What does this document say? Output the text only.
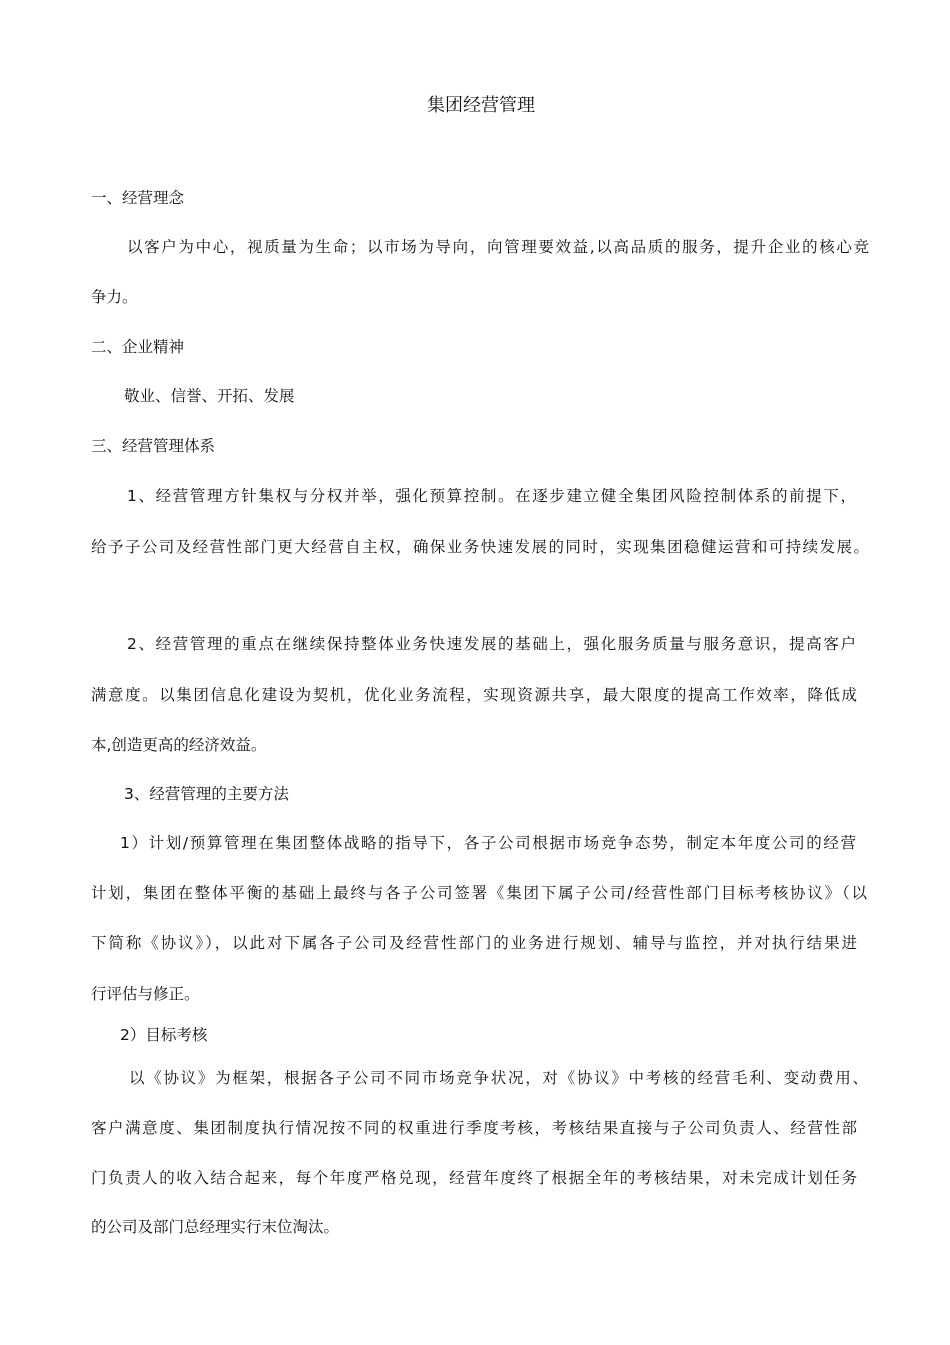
集团经营管理
一、经营理念
以客户为中心，视质量为生命；以市场为导向，向管理要效益,以高品质的服务，提升企业的核心竞
争力。
二、企业精神
敬业、信誉、开拓、发展
三、经营管理体系
1、经营管理方针集权与分权并举，强化预算控制。在逐步建立健全集团风险控制体系的前提下，
给予子公司及经营性部门更大经营自主权，确保业务快速发展的同时，实现集团稳健运营和可持续发展。
2、经营管理的重点在继续保持整体业务快速发展的基础上，强化服务质量与服务意识，提高客户
满意度。以集团信息化建设为契机，优化业务流程，实现资源共享，最大限度的提高工作效率，降低成
本,创造更高的经济效益。
3、经营管理的主要方法
1）计划/预算管理在集团整体战略的指导下，各子公司根据市场竞争态势，制定本年度公司的经营
计划，集团在整体平衡的基础上最终与各子公司签署《集团下属子公司/经营性部门目标考核协议》（以
下简称《协议》），以此对下属各子公司及经营性部门的业务进行规划、辅导与监控，并对执行结果进
行评估与修正。
2）目标考核
以《协议》为框架，根据各子公司不同市场竞争状况，对《协议》中考核的经营毛利、变动费用、
客户满意度、集团制度执行情况按不同的权重进行季度考核，考核结果直接与子公司负责人、经营性部
门负责人的收入结合起来，每个年度严格兑现，经营年度终了根据全年的考核结果，对未完成计划任务
的公司及部门总经理实行末位淘汰。
